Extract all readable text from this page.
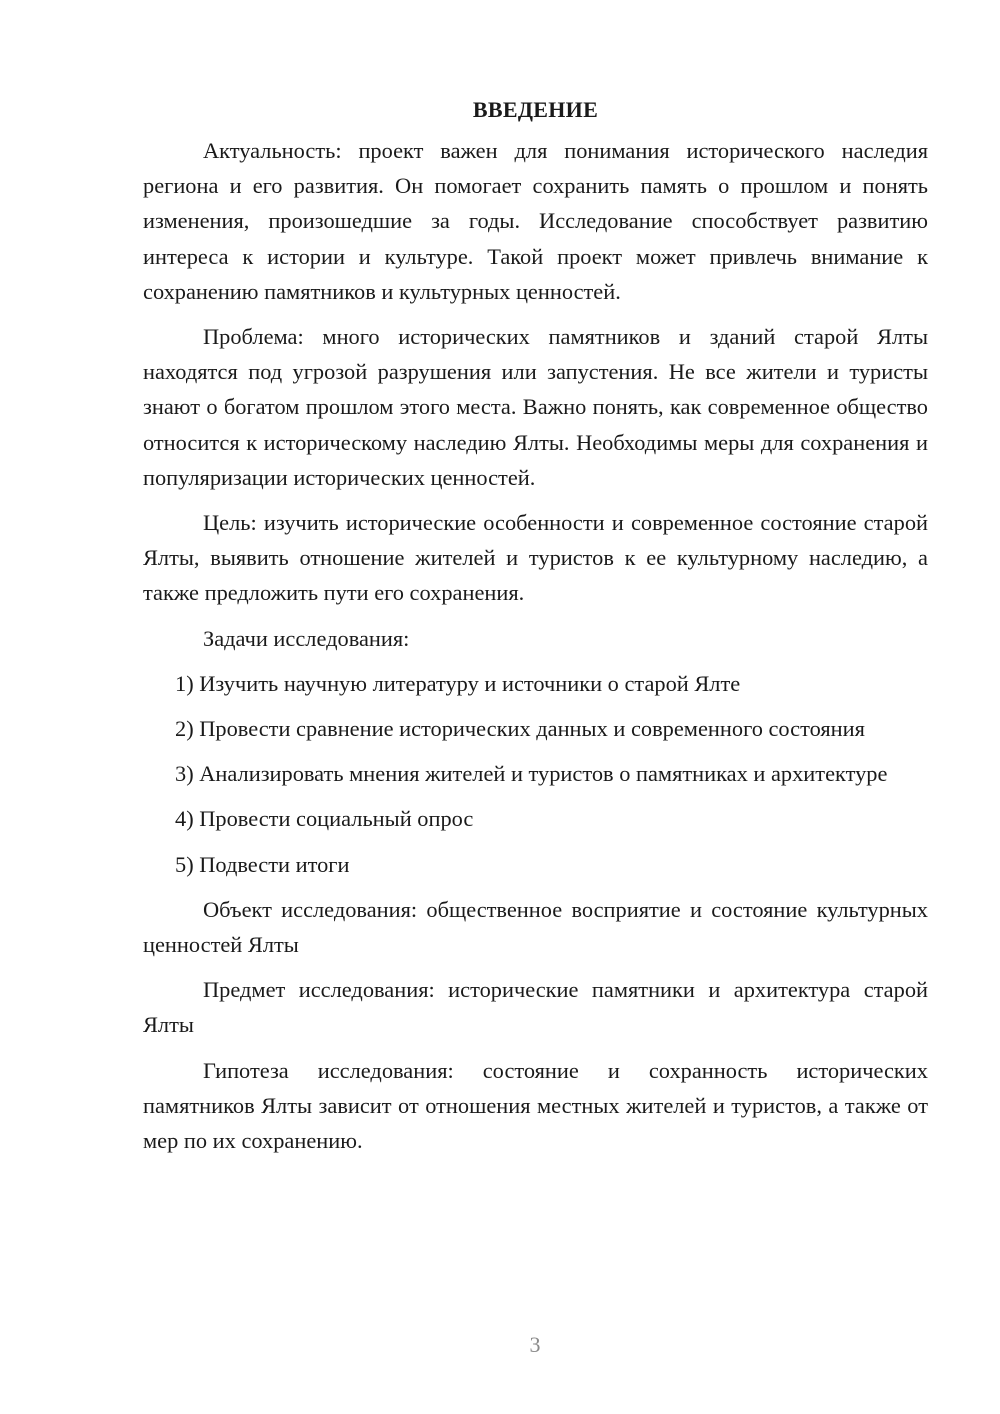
ВВЕДЕНИЕ

Актуальность: проект важен для понимания исторического наследия региона и его развития. Он помогает сохранить память о прошлом и понять изменения, произошедшие за годы. Исследование способствует развитию интереса к истории и культуре. Такой проект может привлечь внимание к сохранению памятников и культурных ценностей.

Проблема: много исторических памятников и зданий старой Ялты находятся под угрозой разрушения или запустения. Не все жители и туристы знают о богатом прошлом этого места. Важно понять, как современное общество относится к историческому наследию Ялты. Необходимы меры для сохранения и популяризации исторических ценностей.

Цель: изучить исторические особенности и современное состояние старой Ялты, выявить отношение жителей и туристов к ее культурному наследию, а также предложить пути его сохранения.

Задачи исследования:

1) Изучить научную литературу и источники о старой Ялте

2) Провести сравнение исторических данных и современного состояния

3) Анализировать мнения жителей и туристов о памятниках и архитектуре

4) Провести социальный опрос

5) Подвести итоги

Объект исследования: общественное восприятие и состояние культурных ценностей Ялты

Предмет исследования: исторические памятники и архитектура старой Ялты

Гипотеза исследования: состояние и сохранность исторических памятников Ялты зависит от отношения местных жителей и туристов, а также от мер по их сохранению.

3
